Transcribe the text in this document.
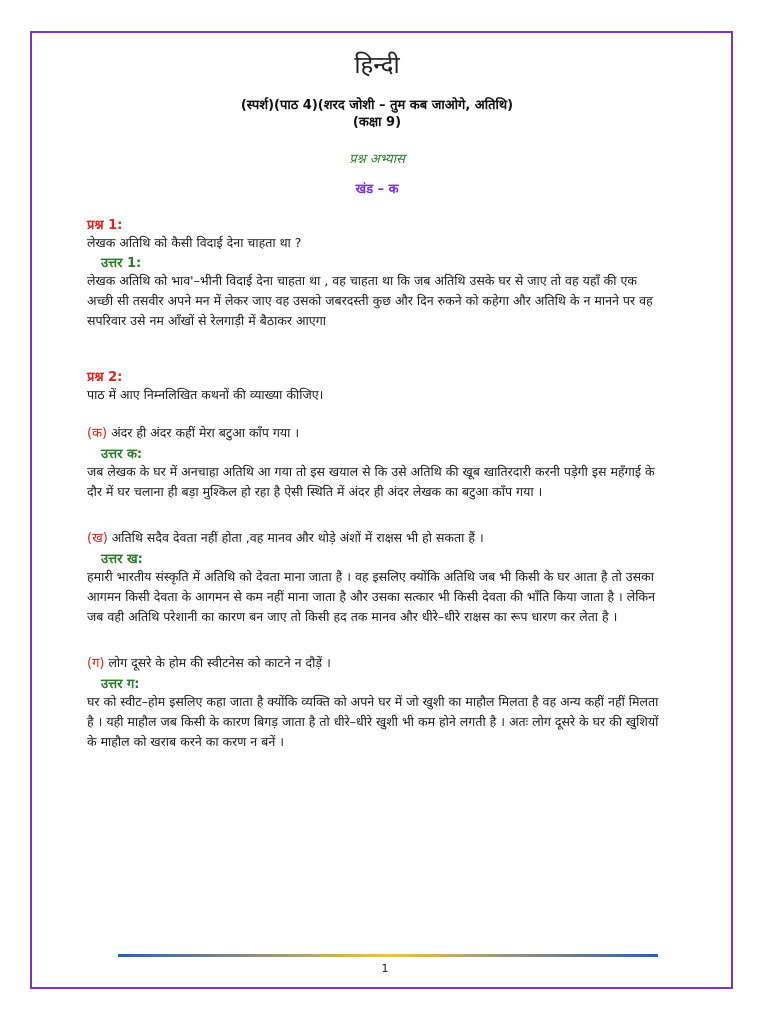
हिन्दी
(स्पर्श)(पाठ 4)(शरद जोशी – तुम कब जाओगे, अतिथि)
(कक्षा 9)
प्रश्न अभ्यास
खंड – क
प्रश्न 1:
लेखक अतिथि को कैसी विदाई देना चाहता था ?
उत्तर 1:
लेखक अतिथि को भाव'–भीनी विदाई देना चाहता था , वह चाहता था कि जब अतिथि उसके घर से जाए तो वह यहाँ की एक अच्छी सी तसवीर अपने मन में लेकर जाए वह उसको जबरदस्ती कुछ और दिन रुकने को कहेगा और अतिथि के न मानने पर वह सपरिवार उसे नम आँखों से रेलगाड़ी में बैठाकर आएगा
प्रश्न 2:
पाठ में आए निम्नलिखित कथनों की व्याख्या कीजिए।
(क) अंदर ही अंदर कहीं मेरा बटुआ काँप गया ।
उत्तर क:
जब लेखक के घर में अनचाहा अतिथि आ गया तो इस खयाल से कि उसे अतिथि की खूब खातिरदारी करनी पड़ेगी इस महँगाई के दौर में घर चलाना ही बड़ा मुश्किल हो रहा है ऐसी स्थिति में अंदर ही अंदर लेखक का बटुआ काँप गया ।
(ख) अतिथि सदैव देवता नहीं होता ,वह मानव और थोड़े अंशों में राक्षस भी हो सकता हैं ।
उत्तर ख:
हमारी भारतीय संस्कृति में अतिथि को देवता माना जाता है । वह इसलिए क्योंकि अतिथि जब भी किसी के घर आता है तो उसका आगमन किसी देवता के आगमन से कम नहीं माना जाता है और उसका सत्कार भी किसी देवता की भाँति किया जाता है । लेकिन जब वही अतिथि परेशानी का कारण बन जाए तो किसी हद तक मानव और धीरे–धीरे राक्षस का रूप धारण कर लेता है ।
(ग) लोग दूसरे के होम की स्वीटनेस को काटने न दौड़ें ।
उत्तर ग:
घर को स्वीट–होम इसलिए कहा जाता है क्योंकि व्यक्ति को अपने घर में जो खुशी का माहौल मिलता है वह अन्य कहीं नहीं मिलता है । यही माहौल जब किसी के कारण बिगड़ जाता है तो धीरे–धीरे खुशी भी कम होने लगती है । अतः लोग दूसरे के घर की खुशियों के माहौल को खराब करने का करण न बनें ।
1
